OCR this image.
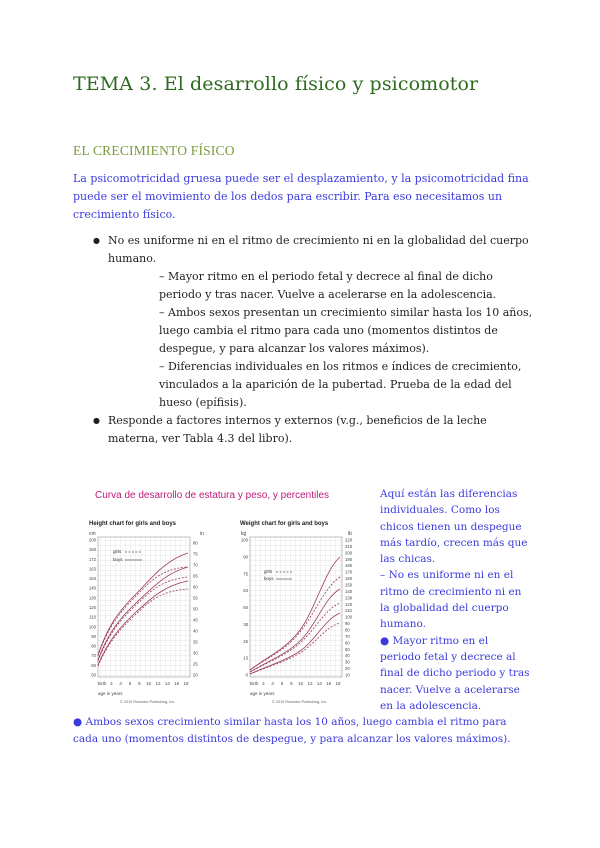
TEMA 3. El desarrollo físico y psicomotor
EL CRECIMIENTO FÍSICO

La psicomotricidad gruesa puede ser el desplazamiento, y la psicomotricidad fina puede ser el movimiento de los dedos para escribir. Para eso necesitamos un crecimiento físico.

● No es uniforme ni en el ritmo de crecimiento ni en la globalidad del cuerpo humano.
– Mayor ritmo en el periodo fetal y decrece al final de dicho periodo y tras nacer. Vuelve a acelerarse en la adolescencia.
– Ambos sexos presentan un crecimiento similar hasta los 10 años, luego cambia el ritmo para cada uno (momentos distintos de despegue, y para alcanzar los valores máximos).
– Diferencias individuales en los ritmos e índices de crecimiento, vinculados a la aparición de la pubertad. Prueba de la edad del hueso (epífisis).
● Responde a factores internos y externos (v.g., beneficios de la leche materna, ver Tabla 4.3 del libro).

Curva de desarrollo de estatura y peso, y percentiles

Height chart for girls and boys
cm	in
200
183
172
163
153
140
130
120
110
100
90
80
70
60
50
80
75
70
65
60
55
50
45
40
35
30
25
20
birth 2 4 6 8 10 12 14 16 18
age in years
© 2010 Ravindra Publishing, Inc.
girls
boys
Weight chart for girls and boys
kg	lb
100
90
75
63
50
38
25
13
0
220
210
200
190
180
170
160
150
140
130
120
110
100
90
80
70
60
50
40
30
20
10
birth 2 4 6 8 10 12 14 16 18
age in years
© 2010 Ravindra Publishing, Inc.
girls
boys

Aquí están las diferencias individuales. Como los chicos tienen un despegue más tardío, crecen más que las chicas.
– No es uniforme ni en el ritmo de crecimiento ni en la globalidad del cuerpo humano.
● Mayor ritmo en el periodo fetal y decrece al final de dicho periodo y tras nacer. Vuelve a acelerarse en la adolescencia.

● Ambos sexos crecimiento similar hasta los 10 años, luego cambia el ritmo para cada uno (momentos distintos de despegue, y para alcanzar los valores máximos).
